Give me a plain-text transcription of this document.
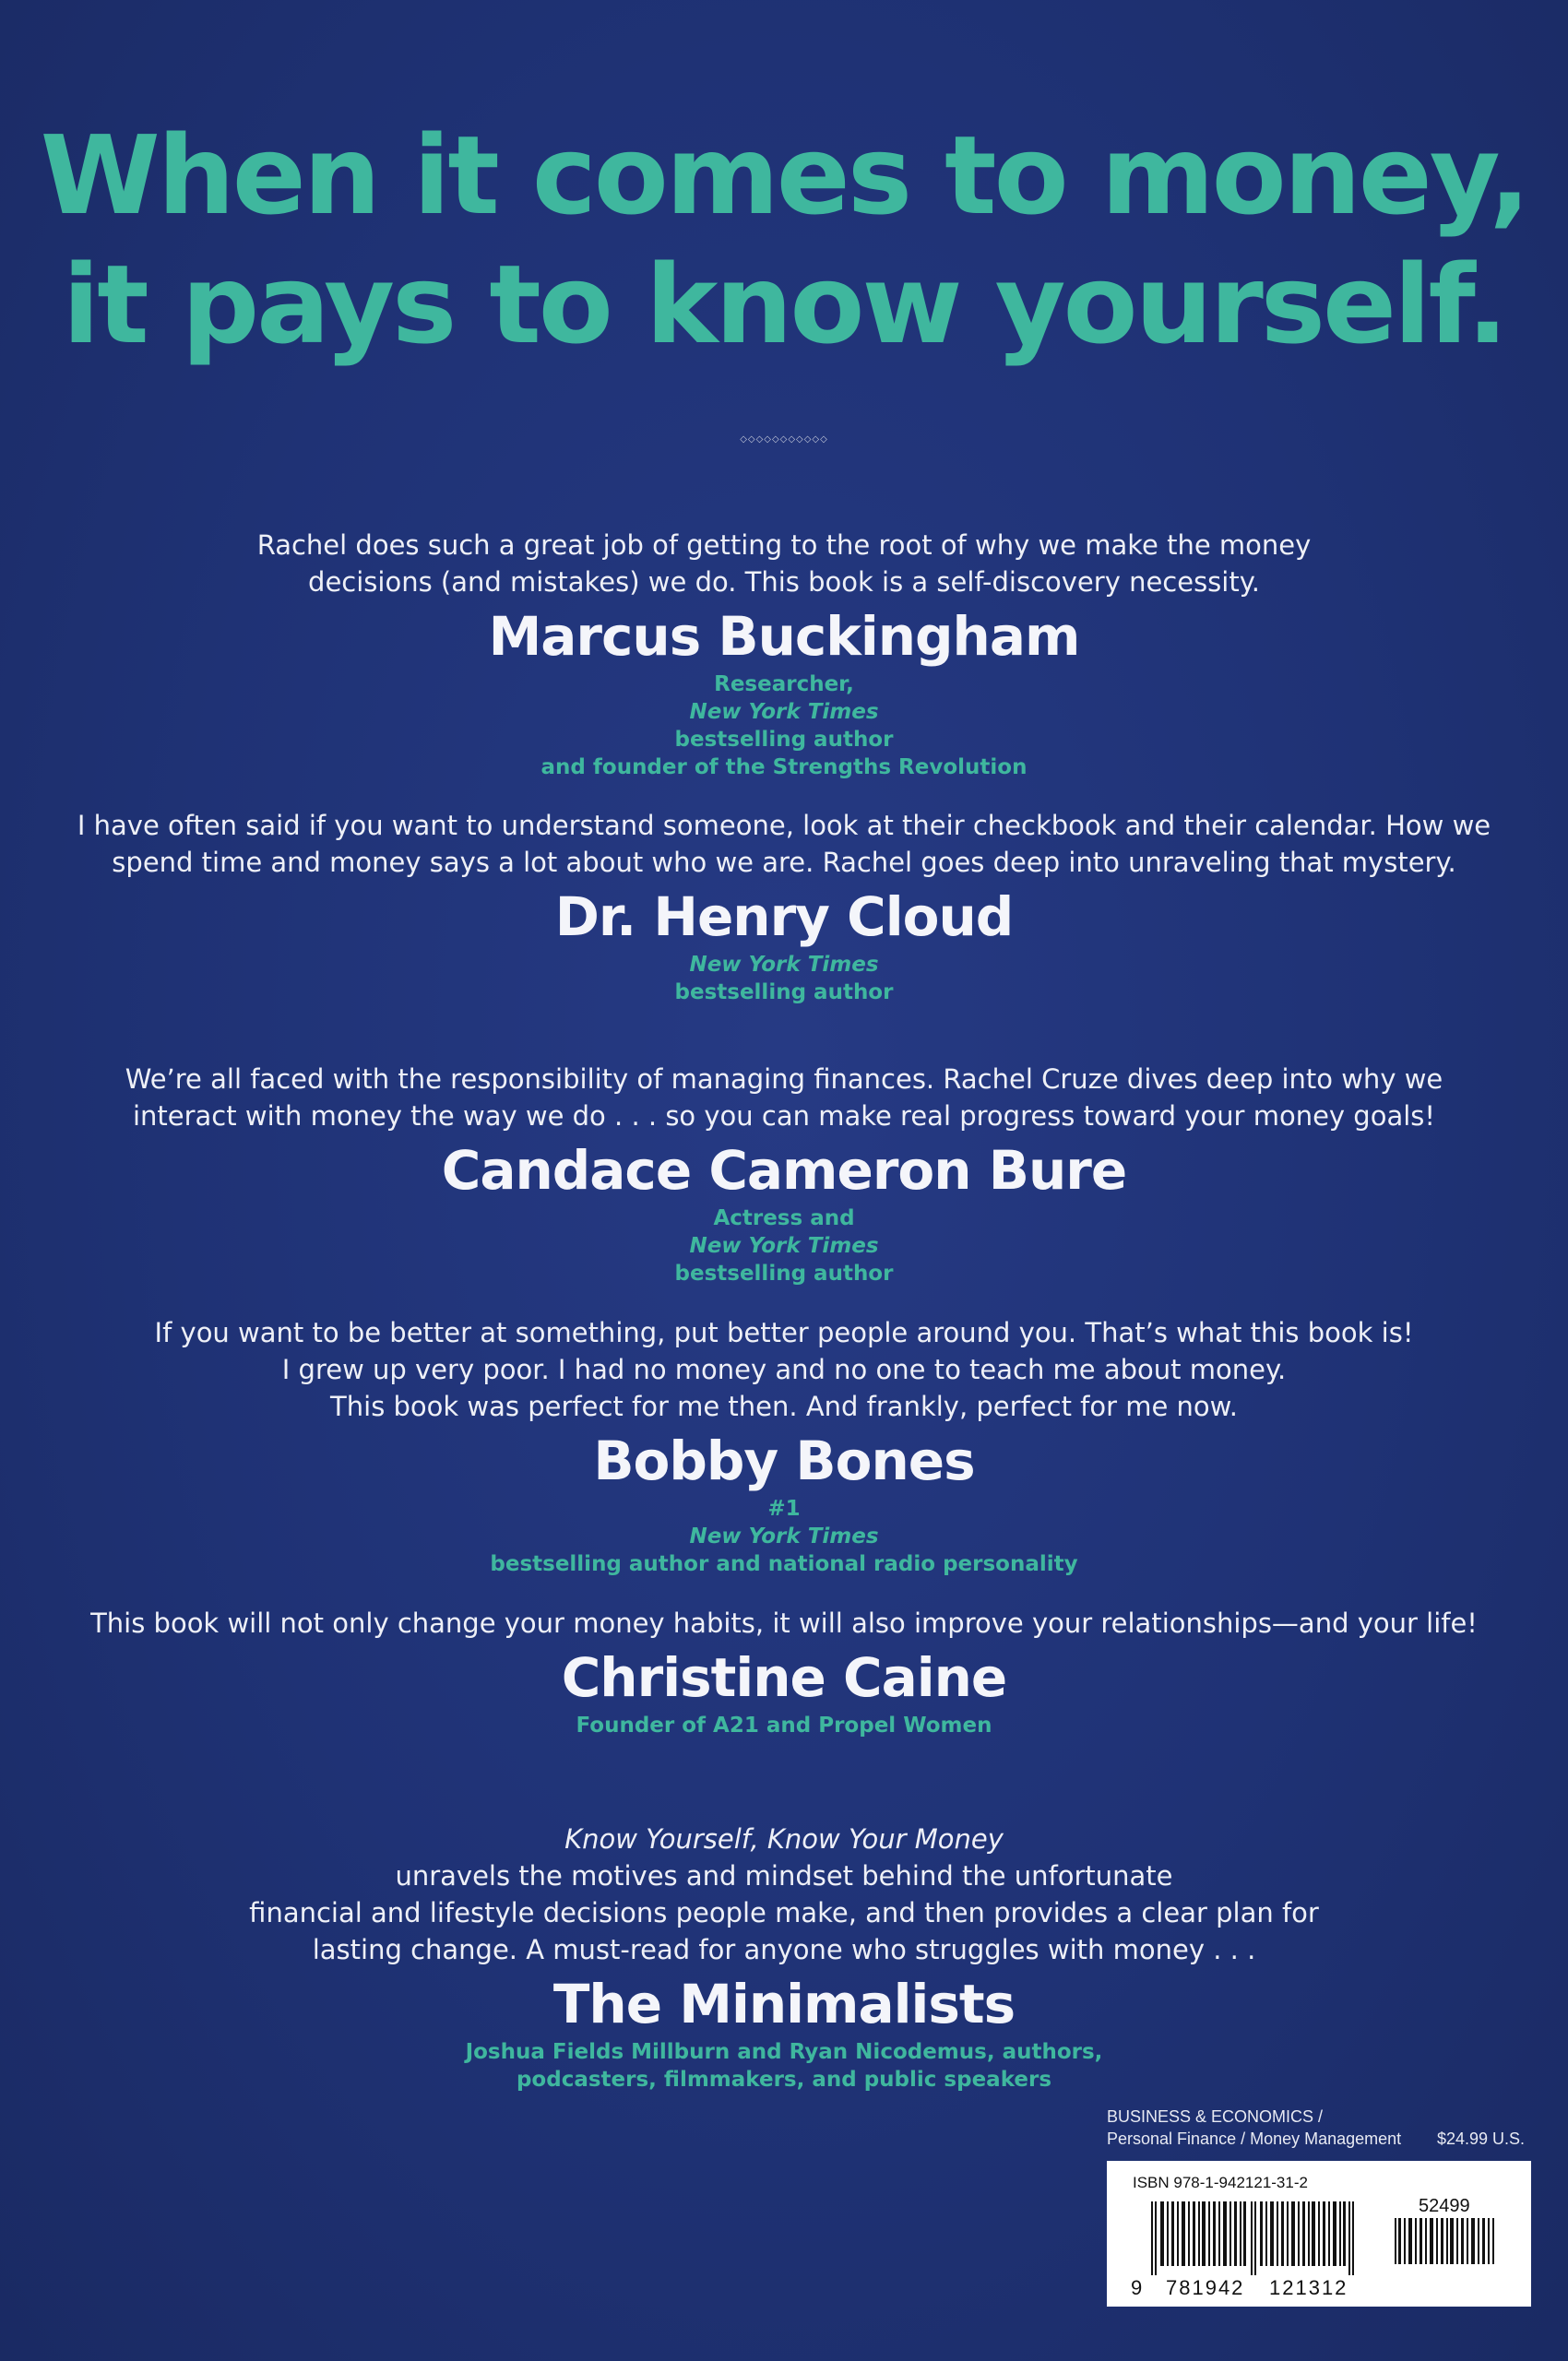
When it comes to money,
it pays to know yourself.
◇◇◇◇◇◇◇◇◇◇◇

Rachel does such a great job of getting to the root of why we make the money
decisions (and mistakes) we do. This book is a self-discovery necessity.

Marcus Buckingham
Researcher,
New York Times
bestselling author
and founder of the Strengths Revolution

I have often said if you want to understand someone, look at their checkbook and their calendar. How we
spend time and money says a lot about who we are. Rachel goes deep into unraveling that mystery.

Dr. Henry Cloud
New York Times
bestselling author

We’re all faced with the responsibility of managing finances. Rachel Cruze dives deep into why we
interact with money the way we do . . . so you can make real progress toward your money goals!

Candace Cameron Bure
Actress and
New York Times
bestselling author

If you want to be better at something, put better people around you. That’s what this book is!
I grew up very poor. I had no money and no one to teach me about money.
This book was perfect for me then. And frankly, perfect for me now.

Bobby Bones
#1
New York Times
bestselling author and national radio personality

This book will not only change your money habits, it will also improve your relationships—and your life!

Christine Caine
Founder of A21 and Propel Women

Know Yourself, Know Your Money
unravels the motives and mindset behind the unfortunate
financial and lifestyle decisions people make, and then provides a clear plan for
lasting change. A must-read for anyone who struggles with money . . .

The Minimalists
Joshua Fields Millburn and Ryan Nicodemus, authors,
podcasters, filmmakers, and public speakers
BUSINESS & ECONOMICS /
Personal Finance / Money Management	$24.99 U.S.
ISBN 978-1-942121-31-2
52499
9 781942 121312
